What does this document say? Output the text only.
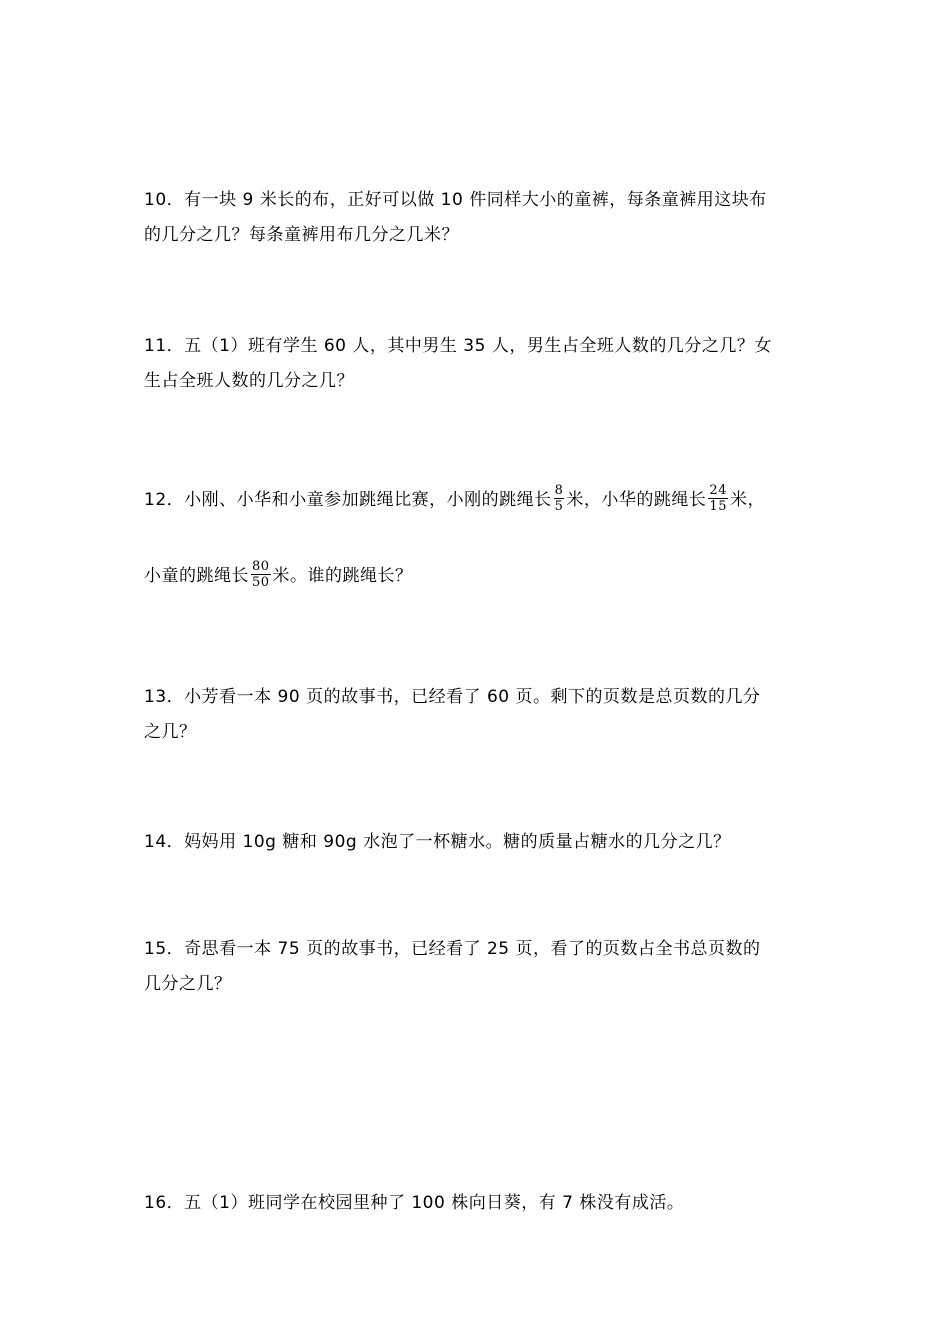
10．有一块 9 米长的布，正好可以做 10 件同样大小的童裤，每条童裤用这块布
的几分之几？每条童裤用布几分之几米？
11．五（1）班有学生 60 人，其中男生 35 人，男生占全班人数的几分之几？女
生占全班人数的几分之几？
12．小刚、小华和小童参加跳绳比赛，小刚的跳绳长 $\frac{8}{5}$ 米，小华的跳绳长 $\frac{24}{15}$ 米，
小童的跳绳长 $\frac{80}{50}$ 米。谁的跳绳长？
13．小芳看一本 90 页的故事书，已经看了 60 页。剩下的页数是总页数的几分
之几？
14．妈妈用 10g 糖和 90g 水泡了一杯糖水。糖的质量占糖水的几分之几？
15．奇思看一本 75 页的故事书，已经看了 25 页，看了的页数占全书总页数的
几分之几？
16．五（1）班同学在校园里种了 100 株向日葵，有 7 株没有成活。
